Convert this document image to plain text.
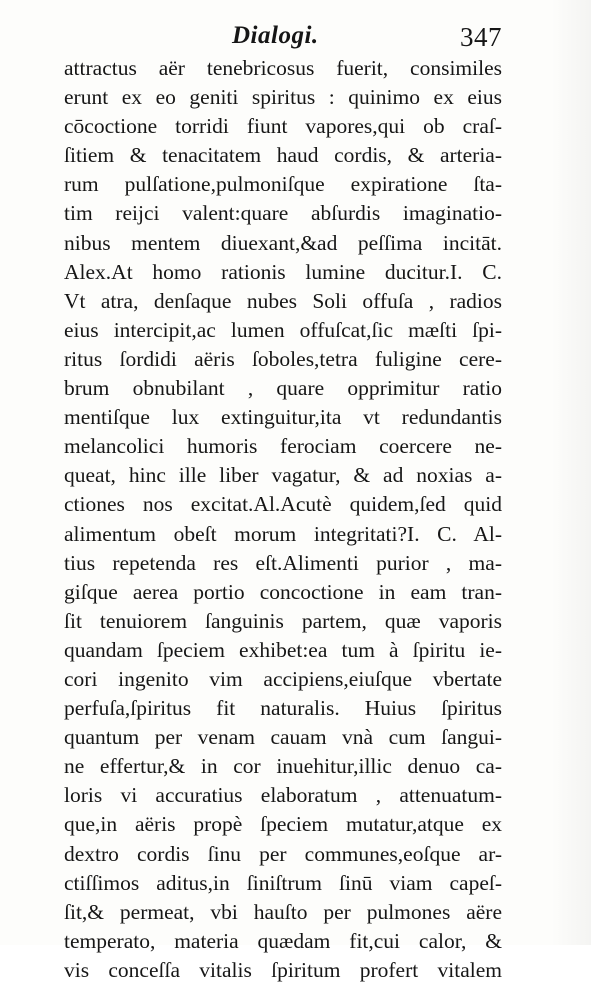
Dialogi.	347
attractus aër tenebricosus fuerit, consimiles
erunt ex eo geniti spiritus : quinimo ex eius
cōcoctione torridi fiunt vapores,qui ob craſ-
ſitiem & tenacitatem haud cordis, & arteria-
rum pulſatione,pulmoniſque expiratione ſta-
tim reijci valent:quare abſurdis imaginatio-
nibus mentem diuexant,&ad peſſima incitāt.
Alex.At homo rationis lumine ducitur.I. C.
Vt atra, denſaque nubes Soli offuſa , radios
eius intercipit,ac lumen offuſcat,ſic mæſti ſpi-
ritus ſordidi aëris ſoboles,tetra fuligine cere-
brum obnubilant , quare opprimitur ratio
mentiſque lux extinguitur,ita vt redundantis
melancolici humoris ferociam coercere ne-
queat, hinc ille liber vagatur, & ad noxias a-
ctiones nos excitat.Al.Acutè quidem,ſed quid
alimentum obeſt morum integritati?I. C. Al-
tius repetenda res eſt.Alimenti purior , ma-
giſque aerea portio concoctione in eam tran-
ſit tenuiorem ſanguinis partem, quæ vaporis
quandam ſpeciem exhibet:ea tum à ſpiritu ie-
cori ingenito vim accipiens,eiuſque vbertate
perfuſa,ſpiritus fit naturalis. Huius ſpiritus
quantum per venam cauam vnà cum ſangui-
ne effertur,& in cor inuehitur,illic denuo ca-
loris vi accuratius elaboratum , attenuatum-
que,in aëris propè ſpeciem mutatur,atque ex
dextro cordis ſinu per communes,eoſque ar-
ctiſſimos aditus,in ſiniſtrum ſinū viam capeſ-
ſit,& permeat, vbi hauſto per pulmones aëre
temperato, materia quædam fit,cui calor, &
vis conceſſa vitalis ſpiritum profert vitalem
